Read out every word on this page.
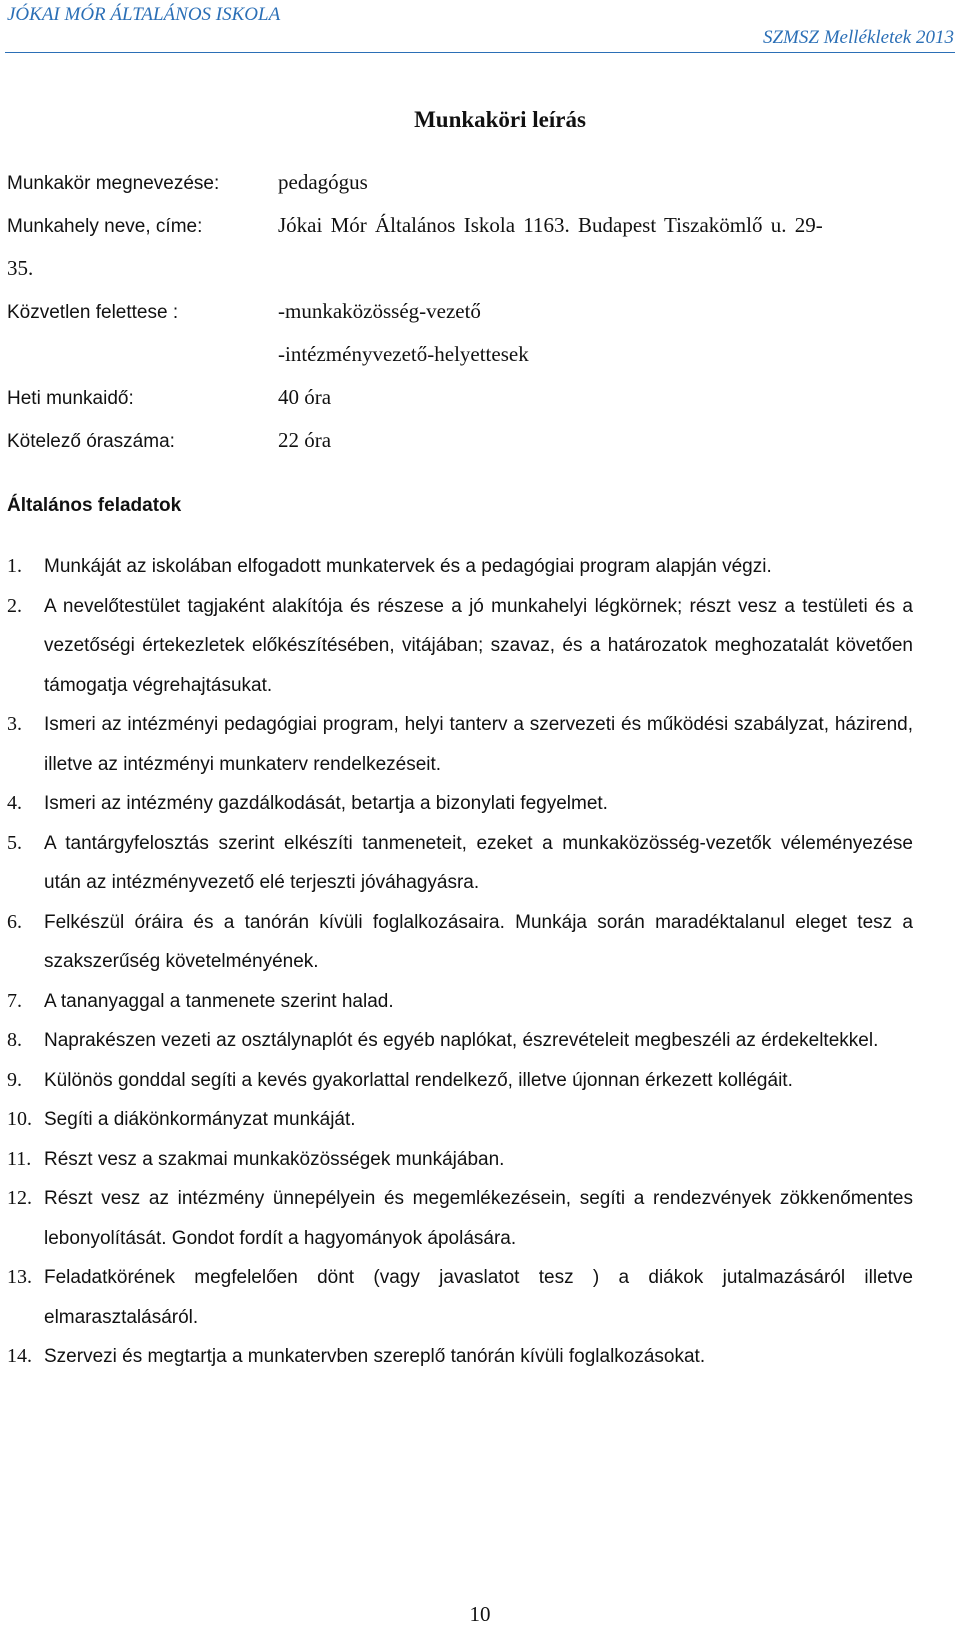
JÓKAI MÓR ÁLTALÁNOS ISKOLA
SZMSZ Mellékletek 2013
Munkaköri leírás
Munkakör megnevezése:	pedagógus
Munkahely neve, címe:	Jókai Mór Általános Iskola 1163. Budapest Tiszakömlő u. 29-
35.
Közvetlen felettese :	-munkaközösség-vezető
-intézményvezető-helyettesek
Heti munkaidő:	40 óra
Kötelező óraszáma:	22 óra
Általános feladatok
1. Munkáját az iskolában elfogadott munkatervek és a pedagógiai program alapján végzi.
2. A nevelőtestület tagjaként alakítója és részese a jó munkahelyi légkörnek; részt vesz a testületi és a vezetőségi értekezletek előkészítésében, vitájában; szavaz, és a határozatok meghozatalát követően támogatja végrehajtásukat.
3. Ismeri az intézményi pedagógiai program, helyi tanterv a szervezeti és működési szabályzat, házirend, illetve az intézményi munkaterv rendelkezéseit.
4. Ismeri az intézmény gazdálkodását, betartja a bizonylati fegyelmet.
5. A tantárgyfelosztás szerint elkészíti tanmeneteit, ezeket a munkaközösség-vezetők véleményezése után az intézményvezető elé terjeszti jóváhagyásra.
6. Felkészül óráira és a tanórán kívüli foglalkozásaira. Munkája során maradéktalanul eleget tesz a szakszerűség követelményének.
7. A tananyaggal a tanmenete szerint halad.
8. Naprakészen vezeti az osztálynaplót és egyéb naplókat, észrevételeit megbeszéli az érdekeltekkel.
9. Különös gonddal segíti a kevés gyakorlattal rendelkező, illetve újonnan érkezett kollégáit.
10. Segíti a diákönkormányzat munkáját.
11. Részt vesz a szakmai munkaközösségek munkájában.
12. Részt vesz az intézmény ünnepélyein és megemlékezésein, segíti a rendezvények zökkenőmentes lebonyolítását. Gondot fordít a hagyományok ápolására.
13. Feladatkörének megfelelően dönt (vagy javaslatot tesz ) a diákok jutalmazásáról illetve elmarasztalásáról.
14. Szervezi és megtartja a munkatervben szereplő tanórán kívüli foglalkozásokat.
10
